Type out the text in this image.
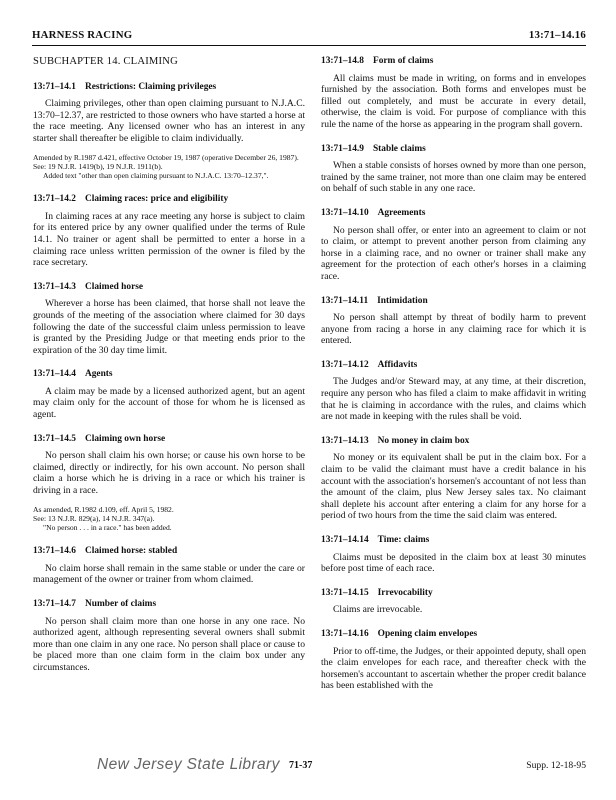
HARNESS RACING	13:71–14.16
SUBCHAPTER 14. CLAIMING
13:71–14.1 Restrictions: Claiming privileges
Claiming privileges, other than open claiming pursuant to N.J.A.C. 13:70–12.37, are restricted to those owners who have started a horse at the race meeting. Any licensed owner who has an interest in any starter shall thereafter be eligible to claim individually.
Amended by R.1987 d.421, effective October 19, 1987 (operative December 26, 1987).
See: 19 N.J.R. 1419(b), 19 N.J.R. 1911(b).
Added text "other than open claiming pursuant to N.J.A.C. 13:70–12.37,".
13:71–14.2 Claiming races: price and eligibility
In claiming races at any race meeting any horse is subject to claim for its entered price by any owner qualified under the terms of Rule 14.1. No trainer or agent shall be permitted to enter a horse in a claiming race unless written permission of the owner is filed by the race secretary.
13:71–14.3 Claimed horse
Wherever a horse has been claimed, that horse shall not leave the grounds of the meeting of the association where claimed for 30 days following the date of the successful claim unless permission to leave is granted by the Presiding Judge or that meeting ends prior to the expiration of the 30 day time limit.
13:71–14.4 Agents
A claim may be made by a licensed authorized agent, but an agent may claim only for the account of those for whom he is licensed as agent.
13:71–14.5 Claiming own horse
No person shall claim his own horse; or cause his own horse to be claimed, directly or indirectly, for his own account. No person shall claim a horse which he is driving in a race or which his trainer is driving in a race.
As amended, R.1982 d.109, eff. April 5, 1982.
See: 13 N.J.R. 829(a), 14 N.J.R. 347(a).
"No person . . . in a race." has been added.
13:71–14.6 Claimed horse: stabled
No claim horse shall remain in the same stable or under the care or management of the owner or trainer from whom claimed.
13:71–14.7 Number of claims
No person shall claim more than one horse in any one race. No authorized agent, although representing several owners shall submit more than one claim in any one race. No person shall place or cause to be placed more than one claim form in the claim box under any circumstances.
13:71–14.8 Form of claims
All claims must be made in writing, on forms and in envelopes furnished by the association. Both forms and envelopes must be filled out completely, and must be accurate in every detail, otherwise, the claim is void. For purpose of compliance with this rule the name of the horse as appearing in the program shall govern.
13:71–14.9 Stable claims
When a stable consists of horses owned by more than one person, trained by the same trainer, not more than one claim may be entered on behalf of such stable in any one race.
13:71–14.10 Agreements
No person shall offer, or enter into an agreement to claim or not to claim, or attempt to prevent another person from claiming any horse in a claiming race, and no owner or trainer shall make any agreement for the protection of each other's horses in a claiming race.
13:71–14.11 Intimidation
No person shall attempt by threat of bodily harm to prevent anyone from racing a horse in any claiming race for which it is entered.
13:71–14.12 Affidavits
The Judges and/or Steward may, at any time, at their discretion, require any person who has filed a claim to make affidavit in writing that he is claiming in accordance with the rules, and claims which are not made in keeping with the rules shall be void.
13:71–14.13 No money in claim box
No money or its equivalent shall be put in the claim box. For a claim to be valid the claimant must have a credit balance in his account with the association's horsemen's accountant of not less than the amount of the claim, plus New Jersey sales tax. No claimant shall deplete his account after entering a claim for any horse for a period of two hours from the time the said claim was entered.
13:71–14.14 Time: claims
Claims must be deposited in the claim box at least 30 minutes before post time of each race.
13:71–14.15 Irrevocability
Claims are irrevocable.
13:71–14.16 Opening claim envelopes
Prior to off-time, the Judges, or their appointed deputy, shall open the claim envelopes for each race, and thereafter check with the horsemen's accountant to ascertain whether the proper credit balance has been established with the
New Jersey State Library 71-37	Supp. 12-18-95
